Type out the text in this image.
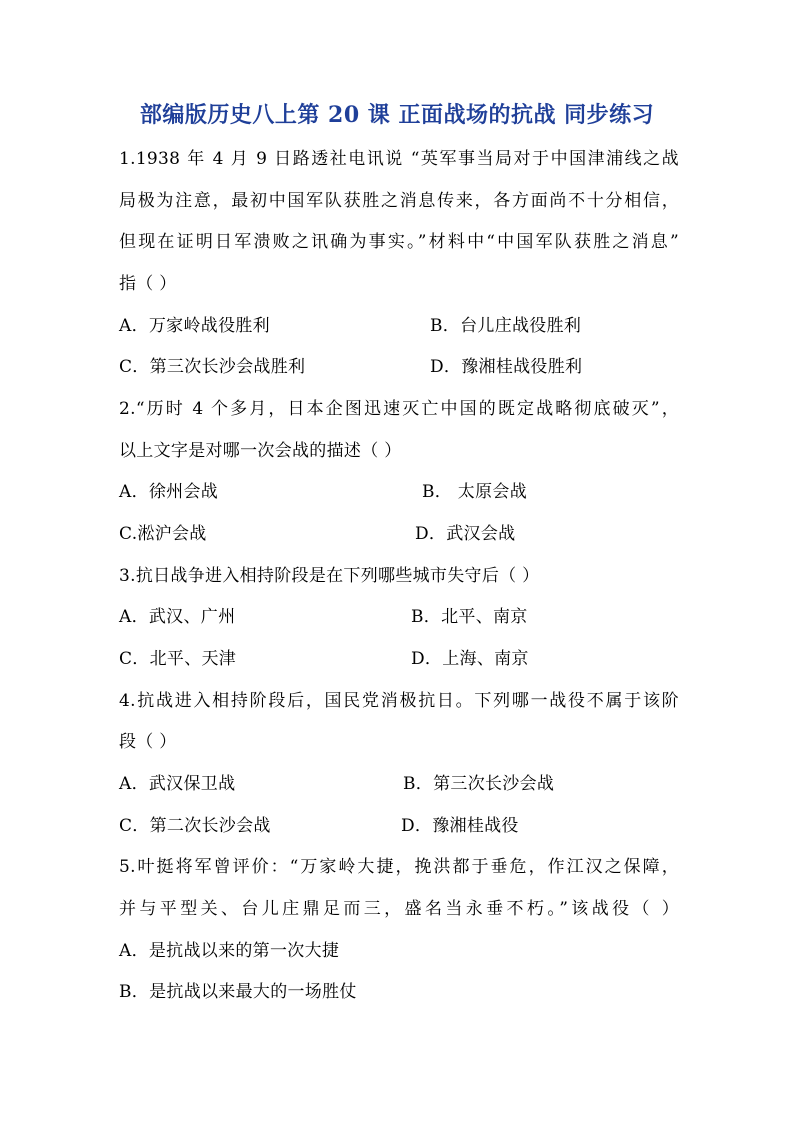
部编版历史八上第 20 课 正面战场的抗战 同步练习
1.1938 年 4 月 9 日路透社电讯说 “英军事当局对于中国津浦线之战
局极为注意，最初中国军队获胜之消息传来，各方面尚不十分相信，
但现在证明日军溃败之讯确为事实。”材料中“中国军队获胜之消息”
指（ ）
A．万家岭战役胜利	B．台儿庄战役胜利
C．第三次长沙会战胜利	D．豫湘桂战役胜利
2.“历时 4 个多月，日本企图迅速灭亡中国的既定战略彻底破灭”，
以上文字是对哪一次会战的描述（ ）
A．徐州会战	B． 太原会战
C.淞沪会战	D．武汉会战
3.抗日战争进入相持阶段是在下列哪些城市失守后（ ）
A．武汉、广州	B．北平、南京
C．北平、天津	D．上海、南京
4.抗战进入相持阶段后，国民党消极抗日。下列哪一战役不属于该阶
段（ ）
A．武汉保卫战	B．第三次长沙会战
C．第二次长沙会战	D．豫湘桂战役
5.叶挺将军曾评价：“万家岭大捷，挽洪都于垂危，作江汉之保障，
并与平型关、台儿庄鼎足而三，盛名当永垂不朽。”该战役（ ）
A．是抗战以来的第一次大捷
B．是抗战以来最大的一场胜仗
